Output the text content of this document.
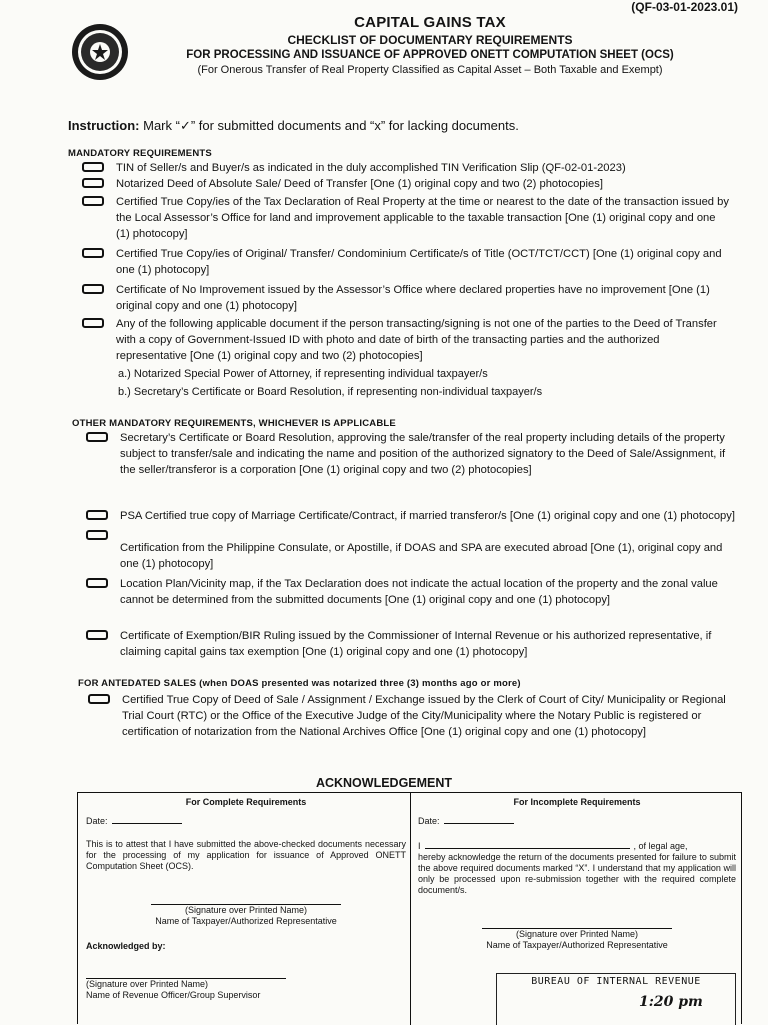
(QF-03-01-2023.01)
CAPITAL GAINS TAX
CHECKLIST OF DOCUMENTARY REQUIREMENTS
FOR PROCESSING AND ISSUANCE OF APPROVED ONETT COMPUTATION SHEET (OCS)
(For Onerous Transfer of Real Property Classified as Capital Asset – Both Taxable and Exempt)
Instruction: Mark “✓” for submitted documents and “x” for lacking documents.
MANDATORY REQUIREMENTS
TIN of Seller/s and Buyer/s as indicated in the duly accomplished TIN Verification Slip (QF-02-01-2023)
Notarized Deed of Absolute Sale/ Deed of Transfer [One (1) original copy and two (2) photocopies]
Certified True Copy/ies of the Tax Declaration of Real Property at the time or nearest to the date of the transaction issued by the Local Assessor’s Office for land and improvement applicable to the taxable transaction [One (1) original copy and one (1) photocopy]
Certified True Copy/ies of Original/ Transfer/ Condominium Certificate/s of Title (OCT/TCT/CCT) [One (1) original copy and one (1) photocopy]
Certificate of No Improvement issued by the Assessor’s Office where declared properties have no improvement [One (1) original copy and one (1) photocopy]
Any of the following applicable document if the person transacting/signing is not one of the parties to the Deed of Transfer with a copy of Government-Issued ID with photo and date of birth of the transacting parties and the authorized representative [One (1) original copy and two (2) photocopies]
a.) Notarized Special Power of Attorney, if representing individual taxpayer/s
b.) Secretary’s Certificate or Board Resolution, if representing non-individual taxpayer/s
OTHER MANDATORY REQUIREMENTS, WHICHEVER IS APPLICABLE
Secretary’s Certificate or Board Resolution, approving the sale/transfer of the real property including details of the property subject to transfer/sale and indicating the name and position of the authorized signatory to the Deed of Sale/Assignment, if the seller/transferor is a corporation [One (1) original copy and two (2) photocopies]
PSA Certified true copy of Marriage Certificate/Contract, if married transferor/s [One (1) original copy and one (1) photocopy]
Certification from the Philippine Consulate, or Apostille, if DOAS and SPA are executed abroad [One (1), original copy and one (1) photocopy]
Location Plan/Vicinity map, if the Tax Declaration does not indicate the actual location of the property and the zonal value cannot be determined from the submitted documents [One (1) original copy and one (1) photocopy]
Certificate of Exemption/BIR Ruling issued by the Commissioner of Internal Revenue or his authorized representative, if claiming capital gains tax exemption [One (1) original copy and one (1) photocopy]
FOR ANTEDATED SALES (when DOAS presented was notarized three (3) months ago or more)
Certified True Copy of Deed of Sale / Assignment / Exchange issued by the Clerk of Court of City/ Municipality or Regional Trial Court (RTC) or the Office of the Executive Judge of the City/Municipality where the Notary Public is registered or certification of notarization from the National Archives Office [One (1) original copy and one (1) photocopy]
ACKNOWLEDGEMENT
For Complete Requirements
Date:
This is to attest that I have submitted the above-checked documents necessary for the processing of my application for issuance of Approved ONETT Computation Sheet (OCS).
(Signature over Printed Name)
Name of Taxpayer/Authorized Representative
Acknowledged by:
(Signature over Printed Name)
Name of Revenue Officer/Group Supervisor
For Incomplete Requirements
Date:
I	, of legal age,
hereby acknowledge the return of the documents presented for failure to submit the above required documents marked “X”. I understand that my application will only be processed upon re-submission together with the required complete document/s.
(Signature over Printed Name)
Name of Taxpayer/Authorized Representative
BUREAU OF INTERNAL REVENUE
1:20 pm
